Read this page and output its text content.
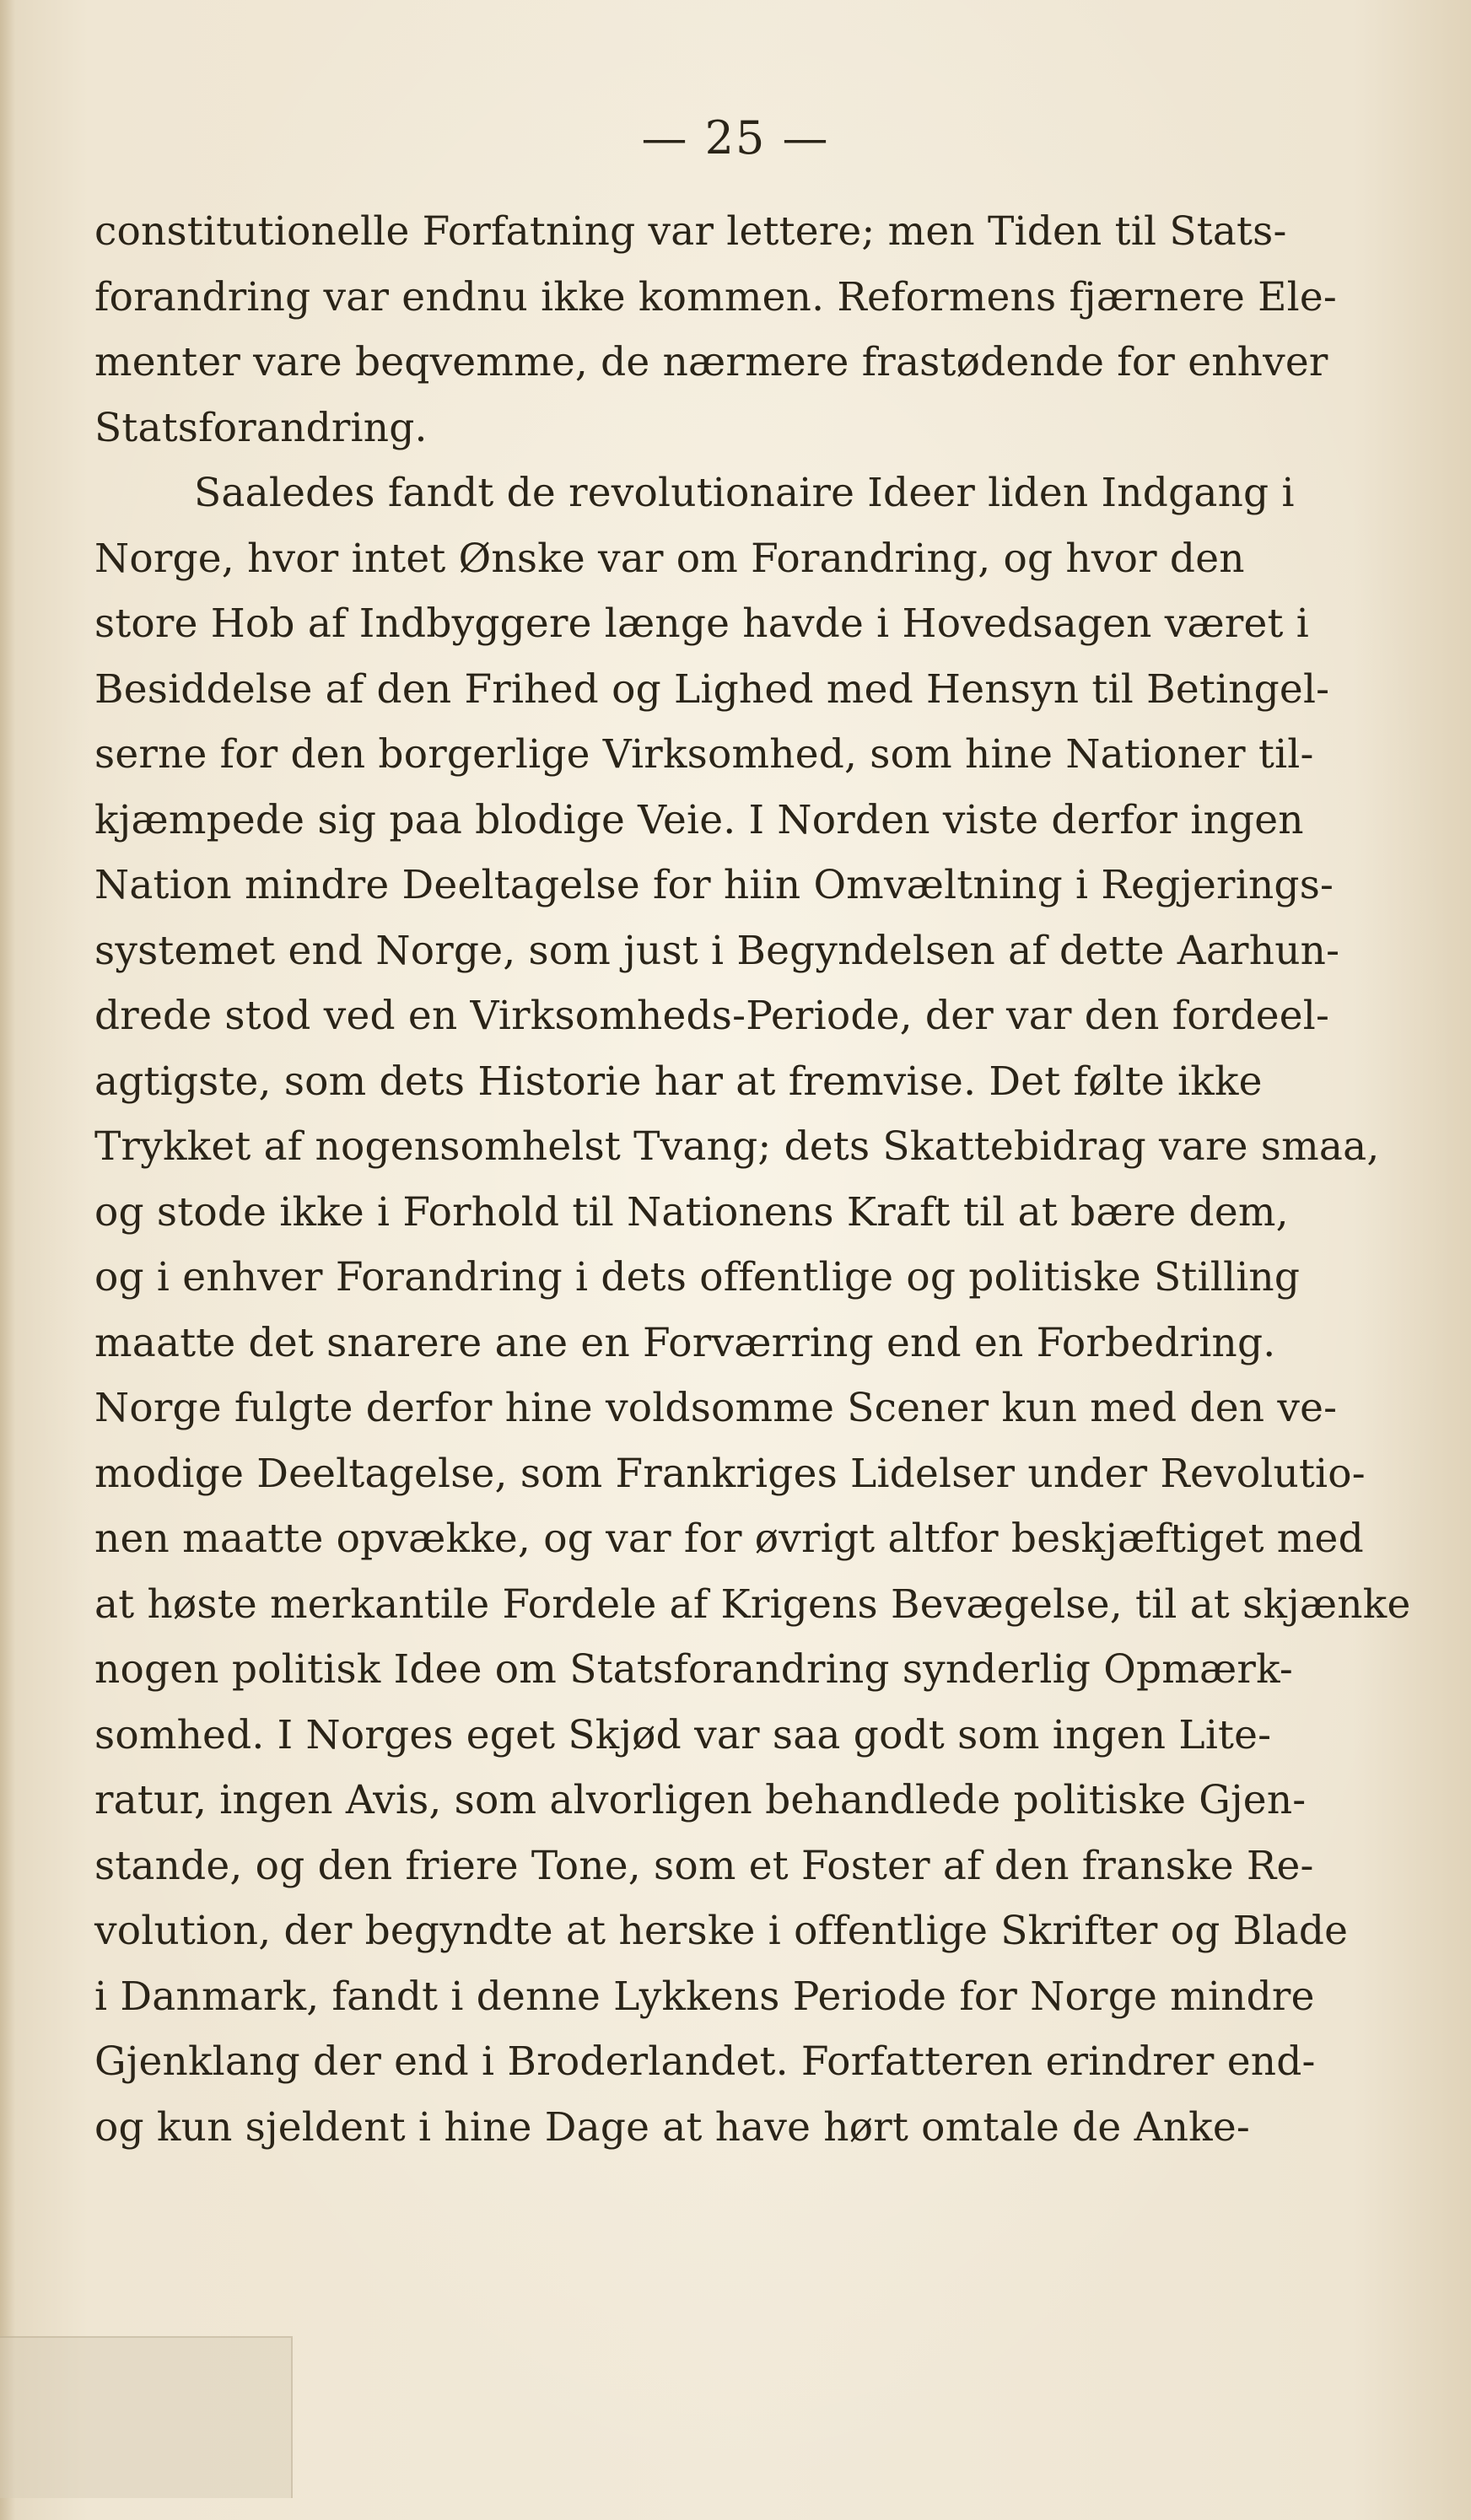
— 25 —
constitutionelle Forfatning var lettere; men Tiden til Stats-
forandring var endnu ikke kommen. Reformens fjærnere Ele-
menter vare beqvemme, de nærmere frastødende for enhver
Statsforandring.
Saaledes fandt de revolutionaire Ideer liden Indgang i
Norge, hvor intet Ønske var om Forandring, og hvor den
store Hob af Indbyggere længe havde i Hovedsagen været i
Besiddelse af den Frihed og Lighed med Hensyn til Betingel-
serne for den borgerlige Virksomhed, som hine Nationer til-
kjæmpede sig paa blodige Veie. I Norden viste derfor ingen
Nation mindre Deeltagelse for hiin Omvæltning i Regjerings-
systemet end Norge, som just i Begyndelsen af dette Aarhun-
drede stod ved en Virksomheds-Periode, der var den fordeel-
agtigste, som dets Historie har at fremvise. Det følte ikke
Trykket af nogensomhelst Tvang; dets Skattebidrag vare smaa,
og stode ikke i Forhold til Nationens Kraft til at bære dem,
og i enhver Forandring i dets offentlige og politiske Stilling
maatte det snarere ane en Forværring end en Forbedring.
Norge fulgte derfor hine voldsomme Scener kun med den ve-
modige Deeltagelse, som Frankriges Lidelser under Revolutio-
nen maatte opvække, og var for øvrigt altfor beskjæftiget med
at høste merkantile Fordele af Krigens Bevægelse, til at skjænke
nogen politisk Idee om Statsforandring synderlig Opmærk-
somhed. I Norges eget Skjød var saa godt som ingen Lite-
ratur, ingen Avis, som alvorligen behandlede politiske Gjen-
stande, og den friere Tone, som et Foster af den franske Re-
volution, der begyndte at herske i offentlige Skrifter og Blade
i Danmark, fandt i denne Lykkens Periode for Norge mindre
Gjenklang der end i Broderlandet. Forfatteren erindrer end-
og kun sjeldent i hine Dage at have hørt omtale de Anke-
